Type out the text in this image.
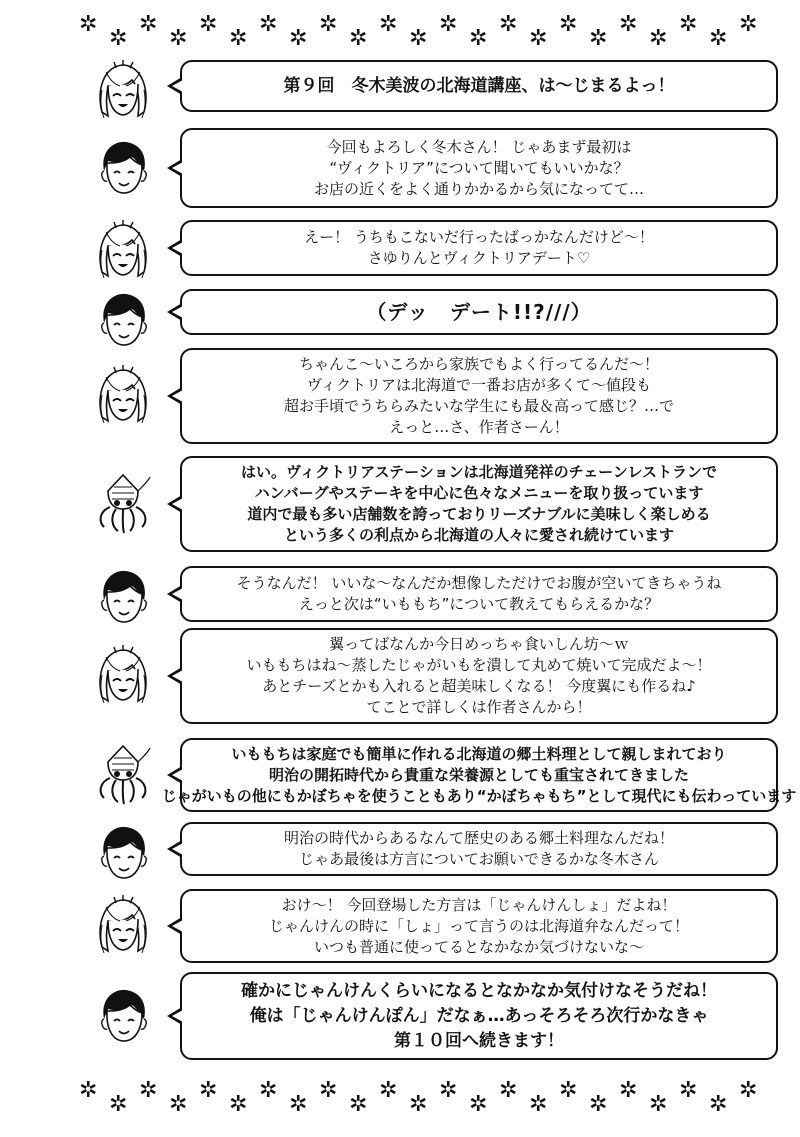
✲
✲
✲
✲
✲
✲
✲
✲
✲
✲
✲
✲
✲
✲
✲
✲
✲
✲
✲
✲
✲
✲
✲
✲
✲
✲
✲
✲
✲
✲
✲
✲
✲
✲
✲
✲
✲
✲
✲
✲
✲
✲
✲
✲
✲
✲
第９回　冬木美波の北海道講座、は〜じまるよっ！
今回もよろしく冬木さん！ じゃあまず最初は
“ヴィクトリア”について聞いてもいいかな？
お店の近くをよく通りかかるから気になってて…
えー！ うちもこないだ行ったばっかなんだけど〜！
さゆりんとヴィクトリアデート♡
（デッ　デート!!?///）
ちゃんこ〜いころから家族でもよく行ってるんだ〜！
ヴィクトリアは北海道で一番お店が多くて〜値段も
超お手頃でうちらみたいな学生にも最＆高って感じ？…で
えっと…さ、作者さーん！
はい。ヴィクトリアステーションは北海道発祥のチェーンレストランで
ハンバーグやステーキを中心に色々なメニューを取り扱っています
道内で最も多い店舗数を誇っておりリーズナブルに美味しく楽しめる
という多くの利点から北海道の人々に愛され続けています
そうなんだ！ いいな〜なんだか想像しただけでお腹が空いてきちゃうね
えっと次は“いももち”について教えてもらえるかな？
翼ってばなんか今日めっちゃ食いしん坊〜ｗ
いももちはね〜蒸したじゃがいもを潰して丸めて焼いて完成だよ〜！
あとチーズとかも入れると超美味しくなる！ 今度翼にも作るね♪
てことで詳しくは作者さんから！
いももちは家庭でも簡単に作れる北海道の郷土料理として親しまれており
明治の開拓時代から貴重な栄養源としても重宝されてきました
じゃがいもの他にもかぼちゃを使うこともあり“かぼちゃもち”として現代にも伝わっています
明治の時代からあるなんて歴史のある郷土料理なんだね！
じゃあ最後は方言についてお願いできるかな冬木さん
おけ〜！ 今回登場した方言は「じゃんけんしょ」だよね！
じゃんけんの時に「しょ」って言うのは北海道弁なんだって！
いつも普通に使ってるとなかなか気づけないな〜
確かにじゃんけんくらいになるとなかなか気付けなそうだね！
俺は「じゃんけんぽん」だなぁ…あっそろそろ次行かなきゃ
第１０回へ続きます！
